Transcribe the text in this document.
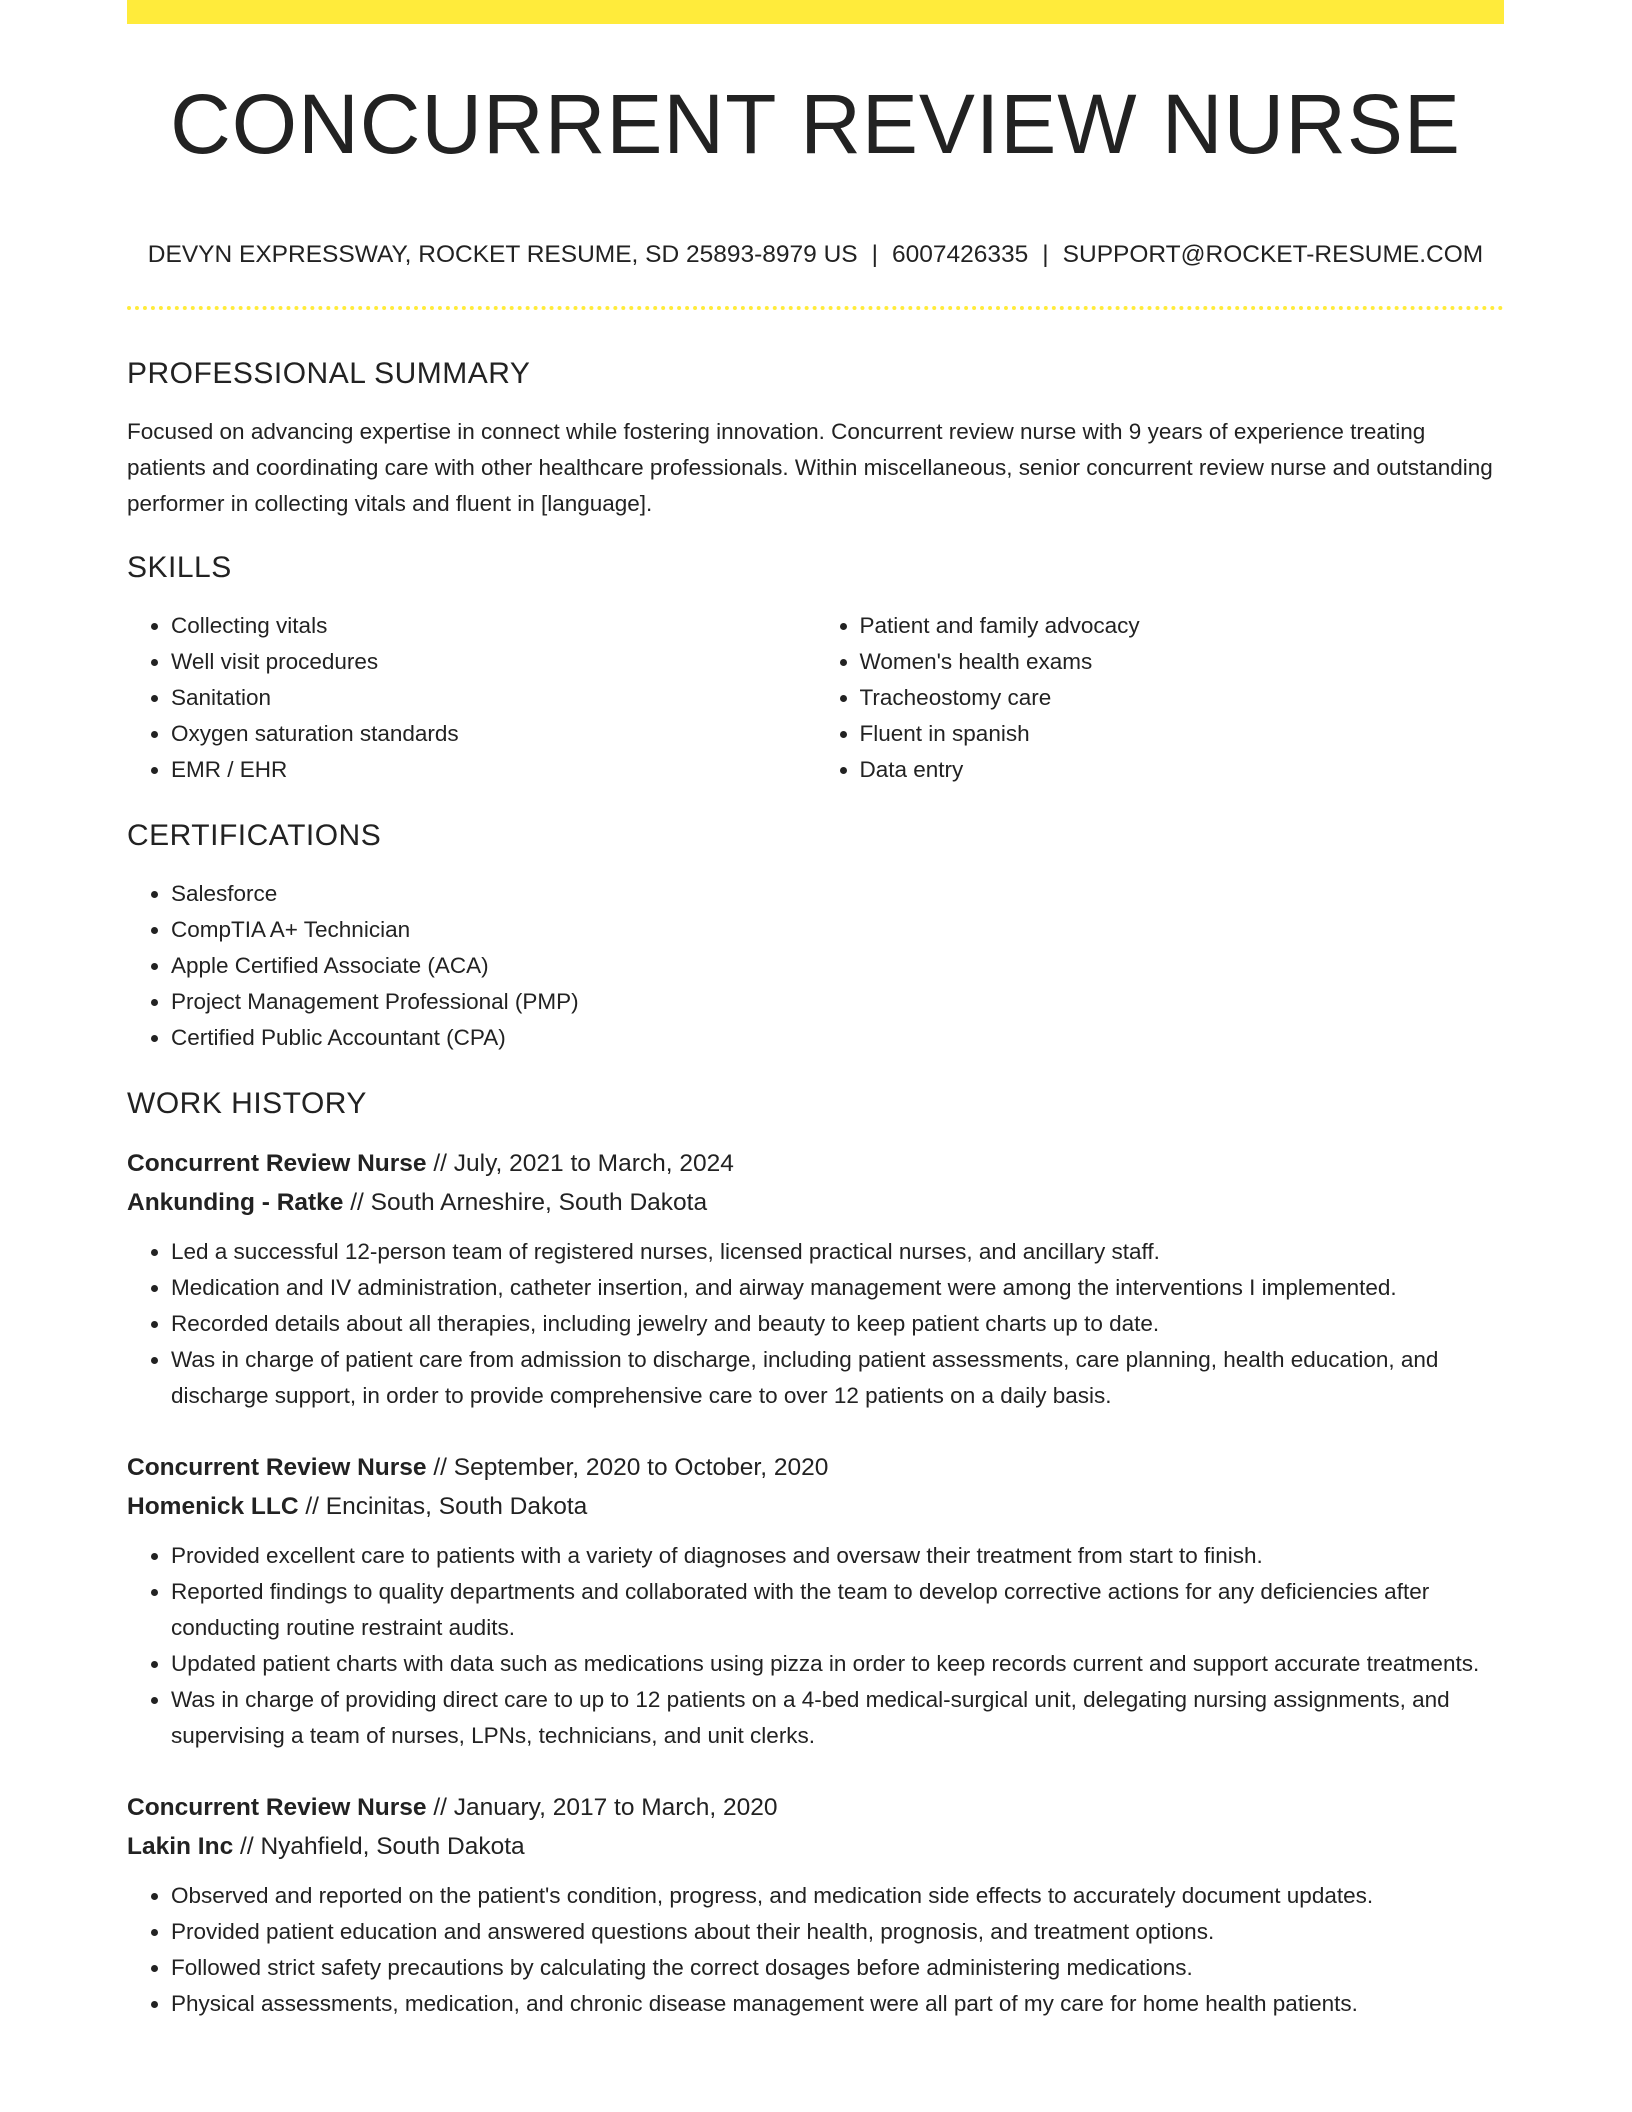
CONCURRENT REVIEW NURSE
DEVYN EXPRESSWAY, ROCKET RESUME, SD 25893-8979 US | 6007426335 | SUPPORT@ROCKET-RESUME.COM
PROFESSIONAL SUMMARY
Focused on advancing expertise in connect while fostering innovation. Concurrent review nurse with 9 years of experience treating patients and coordinating care with other healthcare professionals. Within miscellaneous, senior concurrent review nurse and outstanding performer in collecting vitals and fluent in [language].
SKILLS
• Collecting vitals
• Well visit procedures
• Sanitation
• Oxygen saturation standards
• EMR / EHR
• Patient and family advocacy
• Women's health exams
• Tracheostomy care
• Fluent in spanish
• Data entry
CERTIFICATIONS
• Salesforce
• CompTIA A+ Technician
• Apple Certified Associate (ACA)
• Project Management Professional (PMP)
• Certified Public Accountant (CPA)
WORK HISTORY
Concurrent Review Nurse // July, 2021 to March, 2024
Ankunding - Ratke // South Arneshire, South Dakota
• Led a successful 12-person team of registered nurses, licensed practical nurses, and ancillary staff.
• Medication and IV administration, catheter insertion, and airway management were among the interventions I implemented.
• Recorded details about all therapies, including jewelry and beauty to keep patient charts up to date.
• Was in charge of patient care from admission to discharge, including patient assessments, care planning, health education, and discharge support, in order to provide comprehensive care to over 12 patients on a daily basis.
Concurrent Review Nurse // September, 2020 to October, 2020
Homenick LLC // Encinitas, South Dakota
• Provided excellent care to patients with a variety of diagnoses and oversaw their treatment from start to finish.
• Reported findings to quality departments and collaborated with the team to develop corrective actions for any deficiencies after conducting routine restraint audits.
• Updated patient charts with data such as medications using pizza in order to keep records current and support accurate treatments.
• Was in charge of providing direct care to up to 12 patients on a 4-bed medical-surgical unit, delegating nursing assignments, and supervising a team of nurses, LPNs, technicians, and unit clerks.
Concurrent Review Nurse // January, 2017 to March, 2020
Lakin Inc // Nyahfield, South Dakota
• Observed and reported on the patient's condition, progress, and medication side effects to accurately document updates.
• Provided patient education and answered questions about their health, prognosis, and treatment options.
• Followed strict safety precautions by calculating the correct dosages before administering medications.
• Physical assessments, medication, and chronic disease management were all part of my care for home health patients.
